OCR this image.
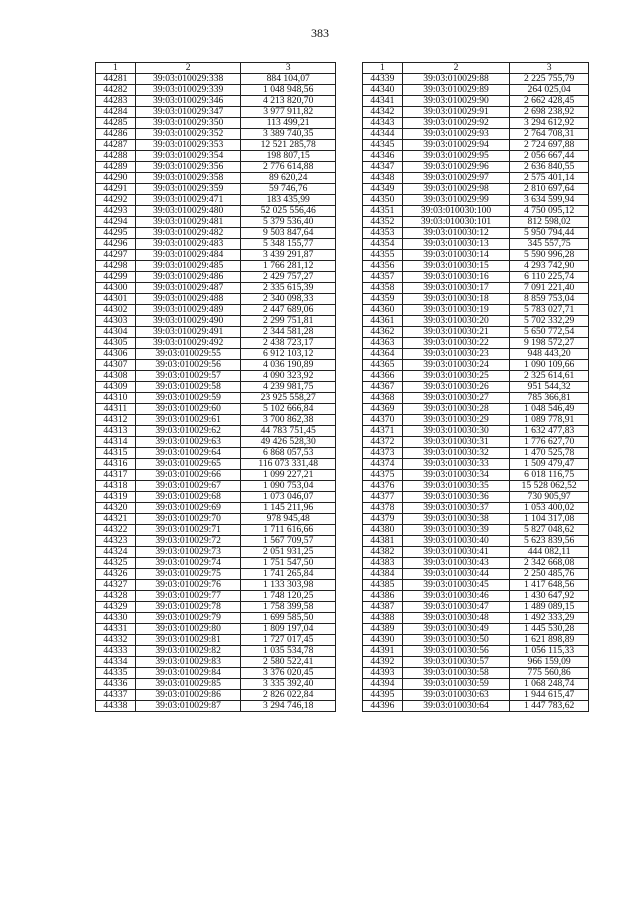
383
1	2	3
44281	39:03:010029:338	884 104,07
44282	39:03:010029:339	1 048 948,56
44283	39:03:010029:346	4 213 820,70
44284	39:03:010029:347	3 977 911,82
44285	39:03:010029:350	113 499,21
44286	39:03:010029:352	3 389 740,35
44287	39:03:010029:353	12 521 285,78
44288	39:03:010029:354	198 807,15
44289	39:03:010029:356	2 776 614,88
44290	39:03:010029:358	89 620,24
44291	39:03:010029:359	59 746,76
44292	39:03:010029:471	183 435,99
44293	39:03:010029:480	52 025 556,46
44294	39:03:010029:481	5 379 536,40
44295	39:03:010029:482	9 503 847,64
44296	39:03:010029:483	5 348 155,77
44297	39:03:010029:484	3 439 291,87
44298	39:03:010029:485	1 766 281,12
44299	39:03:010029:486	2 429 757,27
44300	39:03:010029:487	2 335 615,39
44301	39:03:010029:488	2 340 098,33
44302	39:03:010029:489	2 447 689,06
44303	39:03:010029:490	2 299 751,81
44304	39:03:010029:491	2 344 581,28
44305	39:03:010029:492	2 438 723,17
44306	39:03:010029:55	6 912 103,12
44307	39:03:010029:56	4 036 190,89
44308	39:03:010029:57	4 090 323,92
44309	39:03:010029:58	4 239 981,75
44310	39:03:010029:59	23 925 558,27
44311	39:03:010029:60	5 102 666,84
44312	39:03:010029:61	3 700 862,38
44313	39:03:010029:62	44 783 751,45
44314	39:03:010029:63	49 426 528,30
44315	39:03:010029:64	6 868 057,53
44316	39:03:010029:65	116 073 331,48
44317	39:03:010029:66	1 099 227,21
44318	39:03:010029:67	1 090 753,04
44319	39:03:010029:68	1 073 046,07
44320	39:03:010029:69	1 145 211,96
44321	39:03:010029:70	978 945,48
44322	39:03:010029:71	1 711 616,66
44323	39:03:010029:72	1 567 709,57
44324	39:03:010029:73	2 051 931,25
44325	39:03:010029:74	1 751 547,50
44326	39:03:010029:75	1 741 265,84
44327	39:03:010029:76	1 133 303,98
44328	39:03:010029:77	1 748 120,25
44329	39:03:010029:78	1 758 399,58
44330	39:03:010029:79	1 699 585,50
44331	39:03:010029:80	1 809 197,04
44332	39:03:010029:81	1 727 017,45
44333	39:03:010029:82	1 035 534,78
44334	39:03:010029:83	2 580 522,41
44335	39:03:010029:84	3 376 020,45
44336	39:03:010029:85	3 335 392,40
44337	39:03:010029:86	2 826 022,84
44338	39:03:010029:87	3 294 746,18
1	2	3
44339	39:03:010029:88	2 225 755,79
44340	39:03:010029:89	264 025,04
44341	39:03:010029:90	2 662 428,45
44342	39:03:010029:91	2 698 238,92
44343	39:03:010029:92	3 294 612,92
44344	39:03:010029:93	2 764 708,31
44345	39:03:010029:94	2 724 697,88
44346	39:03:010029:95	2 056 667,44
44347	39:03:010029:96	2 636 840,55
44348	39:03:010029:97	2 575 401,14
44349	39:03:010029:98	2 810 697,64
44350	39:03:010029:99	3 634 599,94
44351	39:03:010030:100	4 750 095,12
44352	39:03:010030:101	812 598,02
44353	39:03:010030:12	5 950 794,44
44354	39:03:010030:13	345 557,75
44355	39:03:010030:14	5 590 996,28
44356	39:03:010030:15	4 293 742,90
44357	39:03:010030:16	6 110 225,74
44358	39:03:010030:17	7 091 221,40
44359	39:03:010030:18	8 859 753,04
44360	39:03:010030:19	5 783 027,71
44361	39:03:010030:20	5 702 332,29
44362	39:03:010030:21	5 650 772,54
44363	39:03:010030:22	9 198 572,27
44364	39:03:010030:23	948 443,20
44365	39:03:010030:24	1 090 109,66
44366	39:03:010030:25	2 325 614,61
44367	39:03:010030:26	951 544,32
44368	39:03:010030:27	785 366,81
44369	39:03:010030:28	1 048 546,49
44370	39:03:010030:29	1 089 778,91
44371	39:03:010030:30	1 632 477,83
44372	39:03:010030:31	1 776 627,70
44373	39:03:010030:32	1 470 525,78
44374	39:03:010030:33	1 509 479,47
44375	39:03:010030:34	6 018 116,75
44376	39:03:010030:35	15 528 062,52
44377	39:03:010030:36	730 905,97
44378	39:03:010030:37	1 053 400,02
44379	39:03:010030:38	1 104 317,08
44380	39:03:010030:39	5 827 048,62
44381	39:03:010030:40	5 623 839,56
44382	39:03:010030:41	444 082,11
44383	39:03:010030:43	2 342 668,08
44384	39:03:010030:44	2 250 485,76
44385	39:03:010030:45	1 417 648,56
44386	39:03:010030:46	1 430 647,92
44387	39:03:010030:47	1 489 089,15
44388	39:03:010030:48	1 492 333,29
44389	39:03:010030:49	1 445 530,28
44390	39:03:010030:50	1 621 898,89
44391	39:03:010030:56	1 056 115,33
44392	39:03:010030:57	966 159,09
44393	39:03:010030:58	775 560,86
44394	39:03:010030:59	1 068 248,74
44395	39:03:010030:63	1 944 615,47
44396	39:03:010030:64	1 447 783,62
